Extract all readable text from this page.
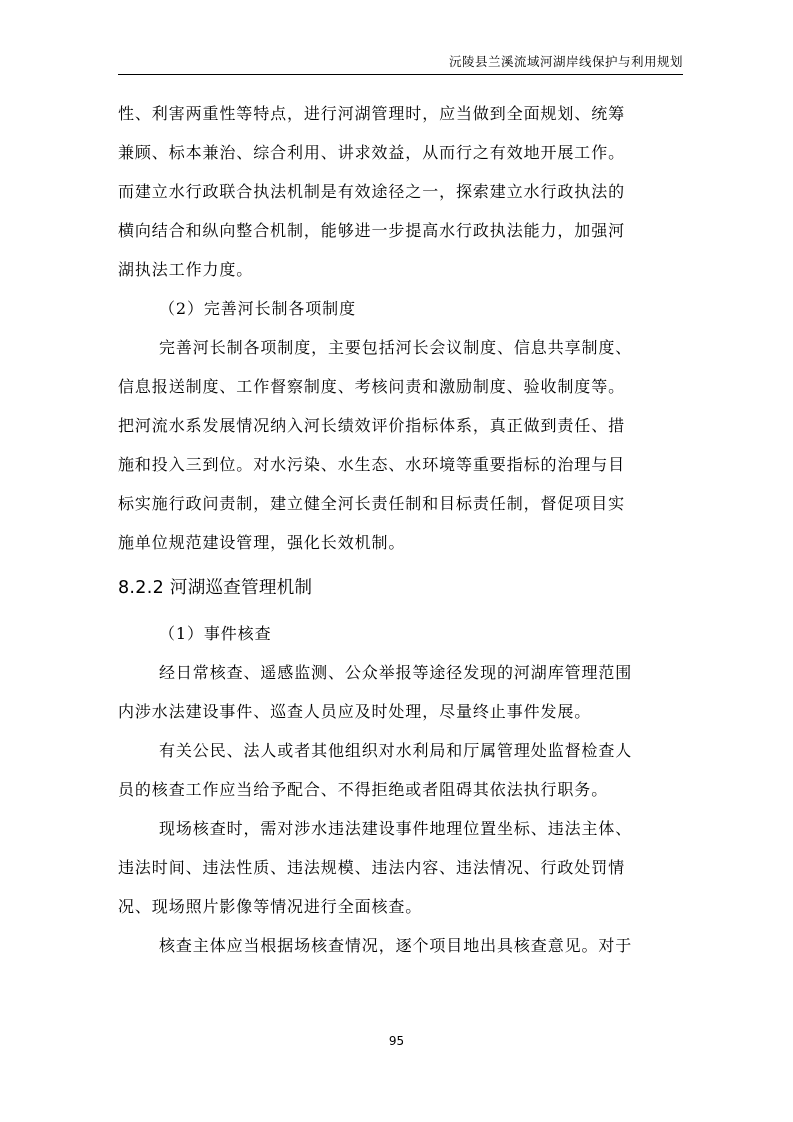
沅陵县兰溪流域河湖岸线保护与利用规划

性、利害两重性等特点，进行河湖管理时，应当做到全面规划、统筹
兼顾、标本兼治、综合利用、讲求效益，从而行之有效地开展工作。
而建立水行政联合执法机制是有效途径之一，探索建立水行政执法的
横向结合和纵向整合机制，能够进一步提高水行政执法能力，加强河
湖执法工作力度。

（2）完善河长制各项制度

完善河长制各项制度，主要包括河长会议制度、信息共享制度、
信息报送制度、工作督察制度、考核问责和激励制度、验收制度等。
把河流水系发展情况纳入河长绩效评价指标体系，真正做到责任、措
施和投入三到位。对水污染、水生态、水环境等重要指标的治理与目
标实施行政问责制，建立健全河长责任制和目标责任制，督促项目实
施单位规范建设管理，强化长效机制。

8.2.2 河湖巡查管理机制

（1）事件核查

经日常核查、遥感监测、公众举报等途径发现的河湖库管理范围
内涉水法建设事件、巡查人员应及时处理，尽量终止事件发展。

有关公民、法人或者其他组织对水利局和厅属管理处监督检查人
员的核查工作应当给予配合、不得拒绝或者阻碍其依法执行职务。

现场核查时，需对涉水违法建设事件地理位置坐标、违法主体、
违法时间、违法性质、违法规模、违法内容、违法情况、行政处罚情
况、现场照片影像等情况进行全面核查。

核查主体应当根据场核查情况，逐个项目地出具核查意见。对于

95
